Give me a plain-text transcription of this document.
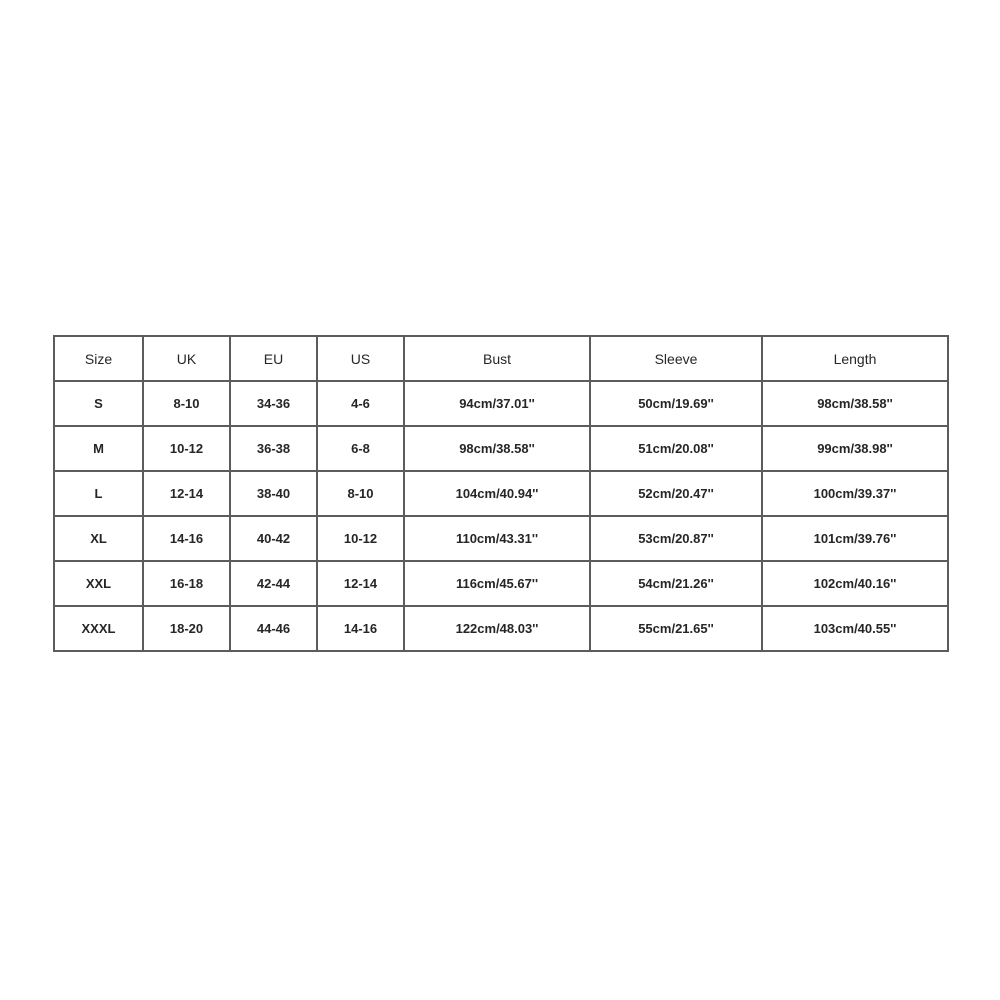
Size	UK	EU	US	Bust	Sleeve	Length
S	8-10	34-36	4-6	94cm/37.01''	50cm/19.69''	98cm/38.58''
M	10-12	36-38	6-8	98cm/38.58''	51cm/20.08''	99cm/38.98''
L	12-14	38-40	8-10	104cm/40.94''	52cm/20.47''	100cm/39.37''
XL	14-16	40-42	10-12	110cm/43.31''	53cm/20.87''	101cm/39.76''
XXL	16-18	42-44	12-14	116cm/45.67''	54cm/21.26''	102cm/40.16''
XXXL	18-20	44-46	14-16	122cm/48.03''	55cm/21.65''	103cm/40.55''
